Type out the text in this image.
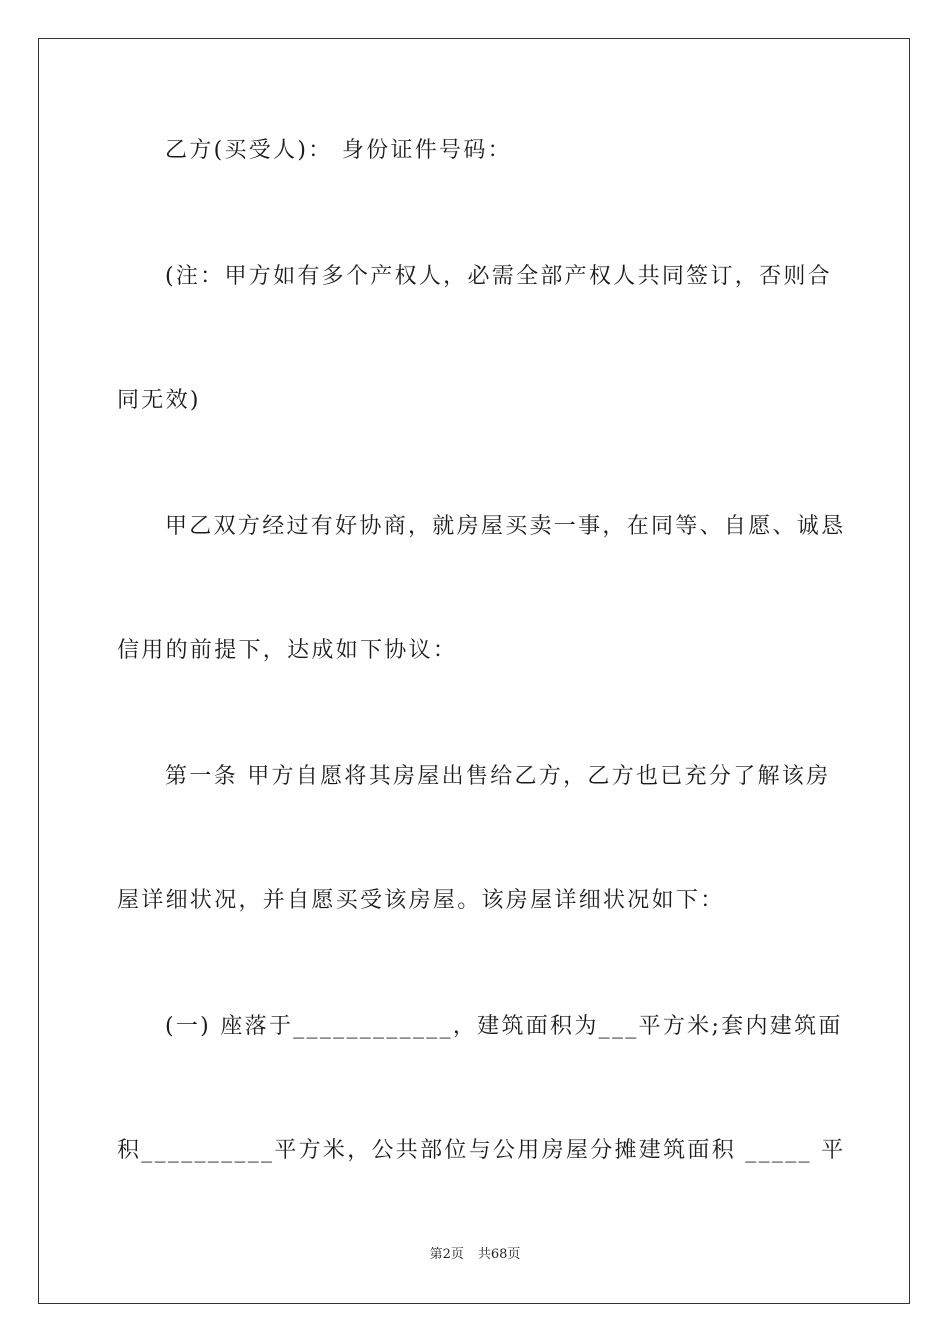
乙方(买受人)： 身份证件号码：
(注：甲方如有多个产权人，必需全部产权人共同签订，否则合
同无效)
甲乙双方经过有好协商，就房屋买卖一事，在同等、自愿、诚恳
信用的前提下，达成如下协议：
第一条 甲方自愿将其房屋出售给乙方，乙方也已充分了解该房
屋详细状况，并自愿买受该房屋。该房屋详细状况如下：
(一) 座落于____________，建筑面积为___平方米;套内建筑面
积__________平方米，公共部位与公用房屋分摊建筑面积 _____ 平
第2页 共68页
